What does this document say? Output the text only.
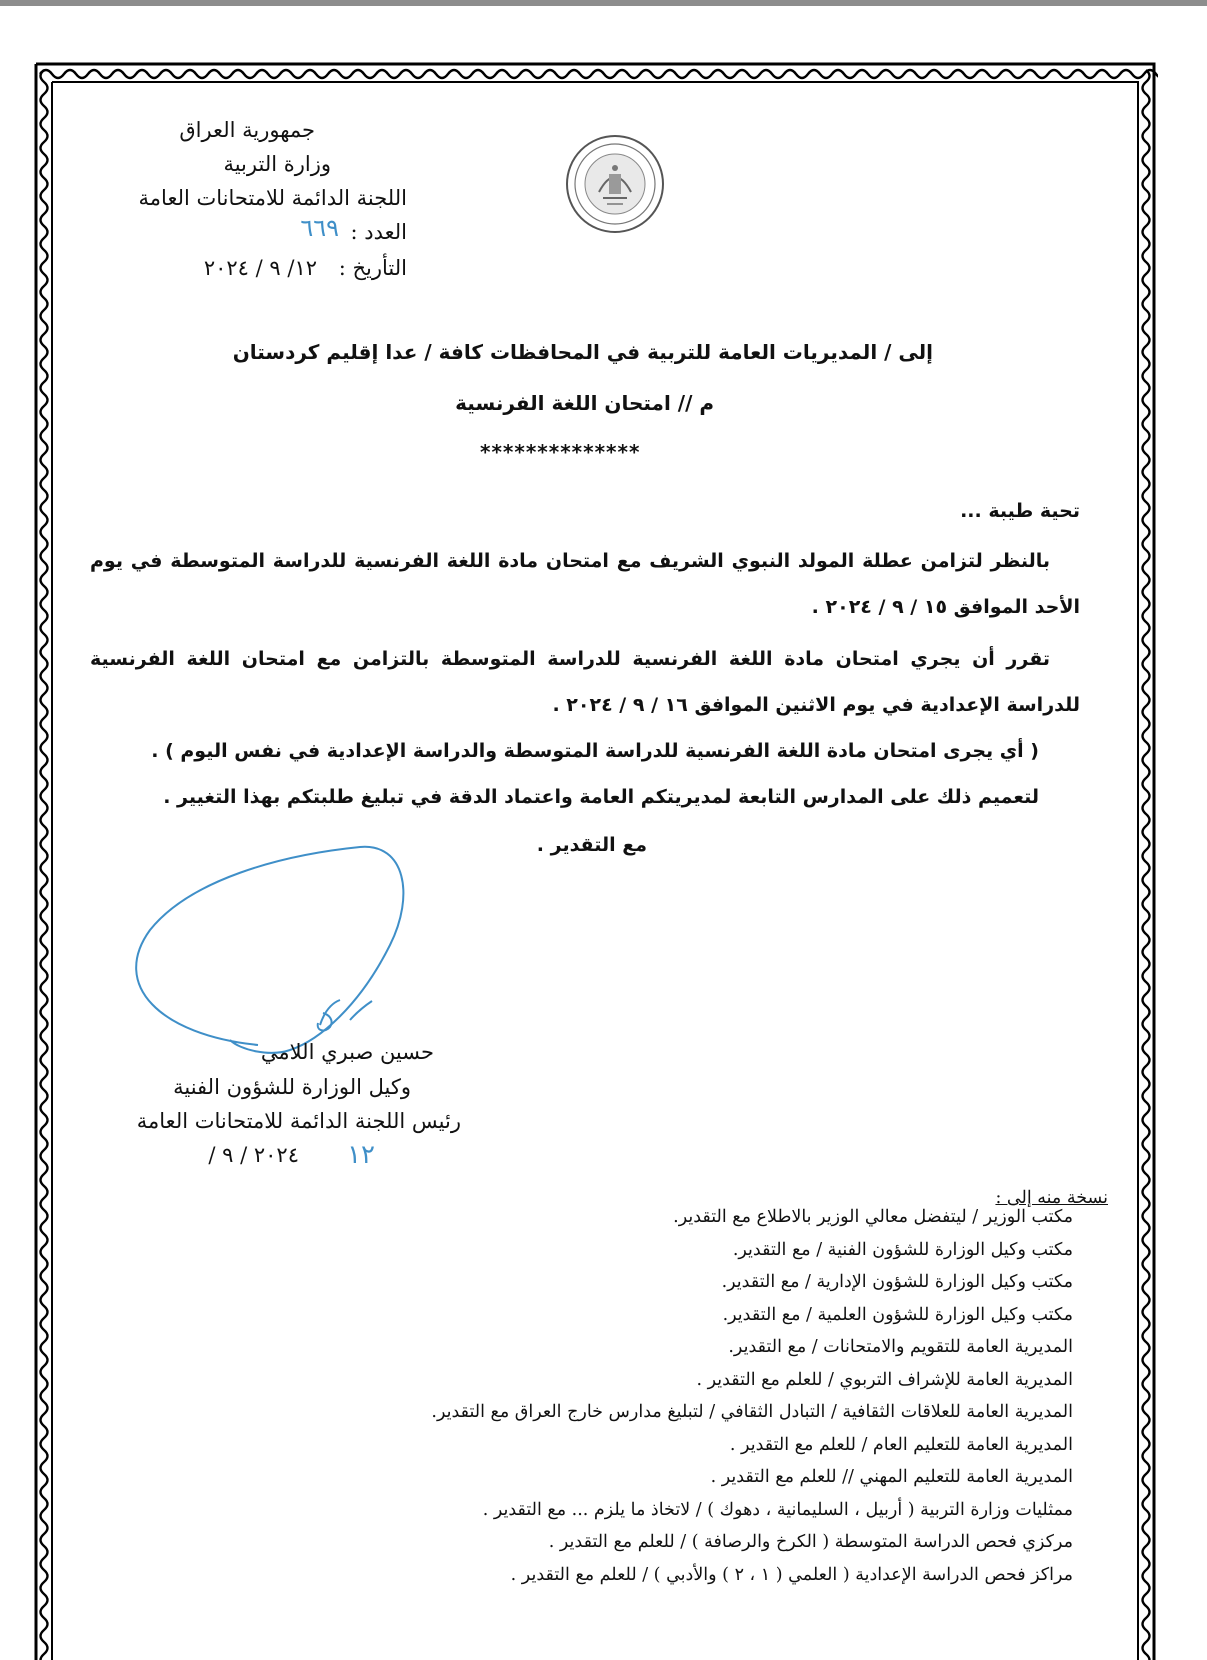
جمهورية العراق
وزارة التربية
اللجنة الدائمة للامتحانات العامة
العدد :
٦٦٩
التأريخ :
١٢/ ٩ / ٢٠٢٤
إلى / المديريات العامة للتربية في المحافظات كافة / عدا إقليم كردستان
م // امتحان اللغة الفرنسية
**************
تحية طيبة ...
بالنظر لتزامن عطلة المولد النبوي الشريف مع امتحان مادة اللغة الفرنسية للدراسة المتوسطة في يوم الأحد الموافق ١٥ / ٩ / ٢٠٢٤ .
تقرر أن يجري امتحان مادة اللغة الفرنسية للدراسة المتوسطة بالتزامن مع امتحان اللغة الفرنسية للدراسة الإعدادية في يوم الاثنين الموافق ١٦ / ٩ / ٢٠٢٤ .
( أي يجرى امتحان مادة اللغة الفرنسية للدراسة المتوسطة والدراسة الإعدادية في نفس اليوم ) .
لتعميم ذلك على المدارس التابعة لمديريتكم العامة واعتماد الدقة في تبليغ طلبتكم بهذا التغيير .
مع التقدير .
حسين صبري اللامي
وكيل الوزارة للشؤون الفنية
رئيس اللجنة الدائمة للامتحانات العامة
٢٠٢٤ / ٩ / ١٢
نسخة منه إلى :
مكتب الوزير / ليتفضل معالي الوزير بالاطلاع مع التقدير.
مكتب وكيل الوزارة للشؤون الفنية / مع التقدير.
مكتب وكيل الوزارة للشؤون الإدارية / مع التقدير.
مكتب وكيل الوزارة للشؤون العلمية / مع التقدير.
المديرية العامة للتقويم والامتحانات / مع التقدير.
المديرية العامة للإشراف التربوي / للعلم مع التقدير .
المديرية العامة للعلاقات الثقافية / التبادل الثقافي / لتبليغ مدارس خارج العراق مع التقدير.
المديرية العامة للتعليم العام / للعلم مع التقدير .
المديرية العامة للتعليم المهني // للعلم مع التقدير .
ممثليات وزارة التربية ( أربيل ، السليمانية ، دهوك ) / لاتخاذ ما يلزم ... مع التقدير .
مركزي فحص الدراسة المتوسطة ( الكرخ والرصافة ) / للعلم مع التقدير .
مراكز فحص الدراسة الإعدادية ( العلمي ( ١ ، ٢ ) والأدبي ) / للعلم مع التقدير .
